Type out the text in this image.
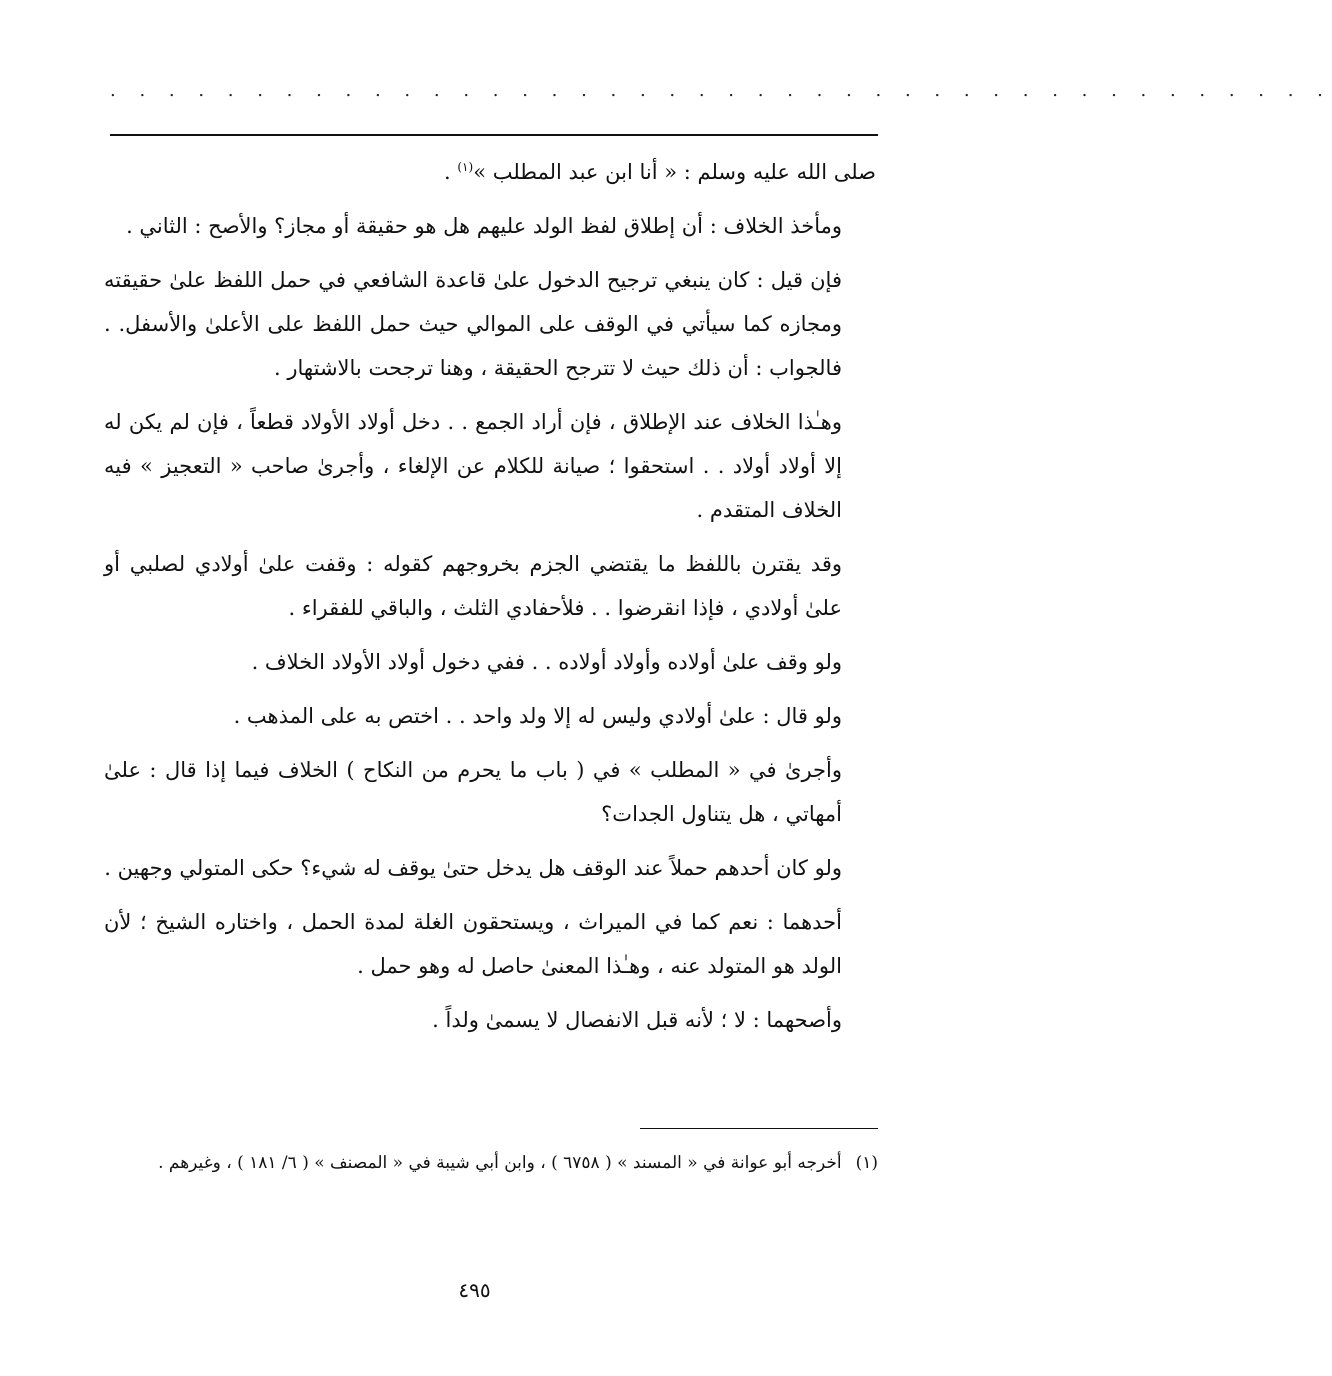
. . . . . . . . . . . . . . . . . . . . . . . . . . . . . . . . . . . . . . . . . .

صلى الله عليه وسلم : « أنا ابن عبد المطلب »$^{(١)}$ .

ومأخذ الخلاف : أن إطلاق لفظ الولد عليهم هل هو حقيقة أو مجاز؟ والأصح : الثاني .

فإن قيل : كان ينبغي ترجيح الدخول علىٰ قاعدة الشافعي في حمل اللفظ علىٰ حقيقته ومجازه كما سيأتي في الوقف على الموالي حيث حمل اللفظ على الأعلىٰ والأسفل. . فالجواب : أن ذلك حيث لا تترجح الحقيقة ، وهنا ترجحت بالاشتهار .

وهـٰذا الخلاف عند الإطلاق ، فإن أراد الجمع . . دخل أولاد الأولاد قطعاً ، فإن لم يكن له إلا أولاد أولاد . . استحقوا ؛ صيانة للكلام عن الإلغاء ، وأجرىٰ صاحب « التعجيز » فيه الخلاف المتقدم .

وقد يقترن باللفظ ما يقتضي الجزم بخروجهم كقوله : وقفت علىٰ أولادي لصلبي أو علىٰ أولادي ، فإذا انقرضوا . . فلأحفادي الثلث ، والباقي للفقراء .

ولو وقف علىٰ أولاده وأولاد أولاده . . ففي دخول أولاد الأولاد الخلاف .

ولو قال : علىٰ أولادي وليس له إلا ولد واحد . . اختص به على المذهب .

وأجرىٰ في « المطلب » في ( باب ما يحرم من النكاح ) الخلاف فيما إذا قال : علىٰ أمهاتي ، هل يتناول الجدات؟

ولو كان أحدهم حملاً عند الوقف هل يدخل حتىٰ يوقف له شيء؟ حكى المتولي وجهين .

أحدهما : نعم كما في الميراث ، ويستحقون الغلة لمدة الحمل ، واختاره الشيخ ؛ لأن الولد هو المتولد عنه ، وهـٰذا المعنىٰ حاصل له وهو حمل .

وأصحهما : لا ؛ لأنه قبل الانفصال لا يسمىٰ ولداً .

(١)أخرجه أبو عوانة في « المسند » ( ٦٧٥٨ ) ، وابن أبي شيبة في « المصنف » ( ٦/ ١٨١ ) ، وغيرهم .
٤٩٥
